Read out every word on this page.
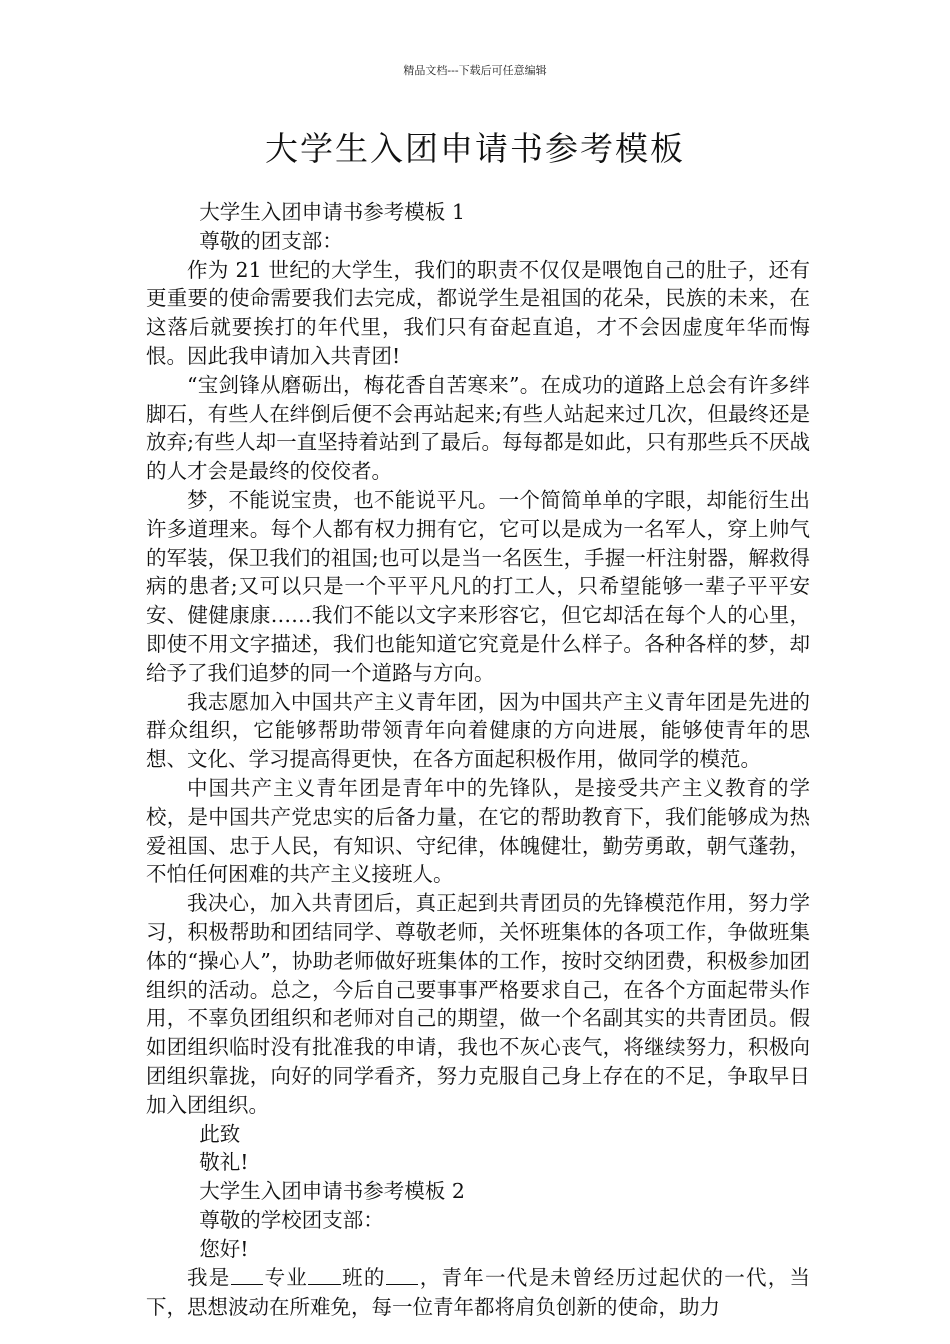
精品文档---下载后可任意编辑
大学生入团申请书参考模板

大学生入团申请书参考模板 1

尊敬的团支部：

作为 21 世纪的大学生，我们的职责不仅仅是喂饱自己的肚子，还有更重要的使命需要我们去完成，都说学生是祖国的花朵，民族的未来，在这落后就要挨打的年代里，我们只有奋起直追，才不会因虚度年华而悔恨。因此我申请加入共青团!

“宝剑锋从磨砺出，梅花香自苦寒来”。在成功的道路上总会有许多绊脚石，有些人在绊倒后便不会再站起来;有些人站起来过几次，但最终还是放弃;有些人却一直坚持着站到了最后。每每都是如此，只有那些兵不厌战的人才会是最终的佼佼者。

梦，不能说宝贵，也不能说平凡。一个简简单单的字眼，却能衍生出许多道理来。每个人都有权力拥有它，它可以是成为一名军人，穿上帅气的军装，保卫我们的祖国;也可以是当一名医生，手握一杆注射器，解救得病的患者;又可以只是一个平平凡凡的打工人，只希望能够一辈子平平安安、健健康康……我们不能以文字来形容它，但它却活在每个人的心里，即使不用文字描述，我们也能知道它究竟是什么样子。各种各样的梦，却给予了我们追梦的同一个道路与方向。

我志愿加入中国共产主义青年团，因为中国共产主义青年团是先进的群众组织，它能够帮助带领青年向着健康的方向进展，能够使青年的思想、文化、学习提高得更快，在各方面起积极作用，做同学的模范。

中国共产主义青年团是青年中的先锋队，是接受共产主义教育的学校，是中国共产党忠实的后备力量，在它的帮助教育下，我们能够成为热爱祖国、忠于人民，有知识、守纪律，体魄健壮，勤劳勇敢，朝气蓬勃，不怕任何困难的共产主义接班人。

我决心，加入共青团后，真正起到共青团员的先锋模范作用，努力学习，积极帮助和团结同学、尊敬老师，关怀班集体的各项工作，争做班集体的“操心人”，协助老师做好班集体的工作，按时交纳团费，积极参加团组织的活动。总之，今后自己要事事严格要求自己，在各个方面起带头作用，不辜负团组织和老师对自己的期望，做一个名副其实的共青团员。假如团组织临时没有批准我的申请，我也不灰心丧气，将继续努力，积极向团组织靠拢，向好的同学看齐，努力克服自己身上存在的不足，争取早日加入团组织。

此致

敬礼!

大学生入团申请书参考模板 2

尊敬的学校团支部：

您好!

我是 专业 班的 ，青年一代是未曾经历过起伏的一代，当下，思想波动在所难免，每一位青年都将肩负创新的使命，助力
